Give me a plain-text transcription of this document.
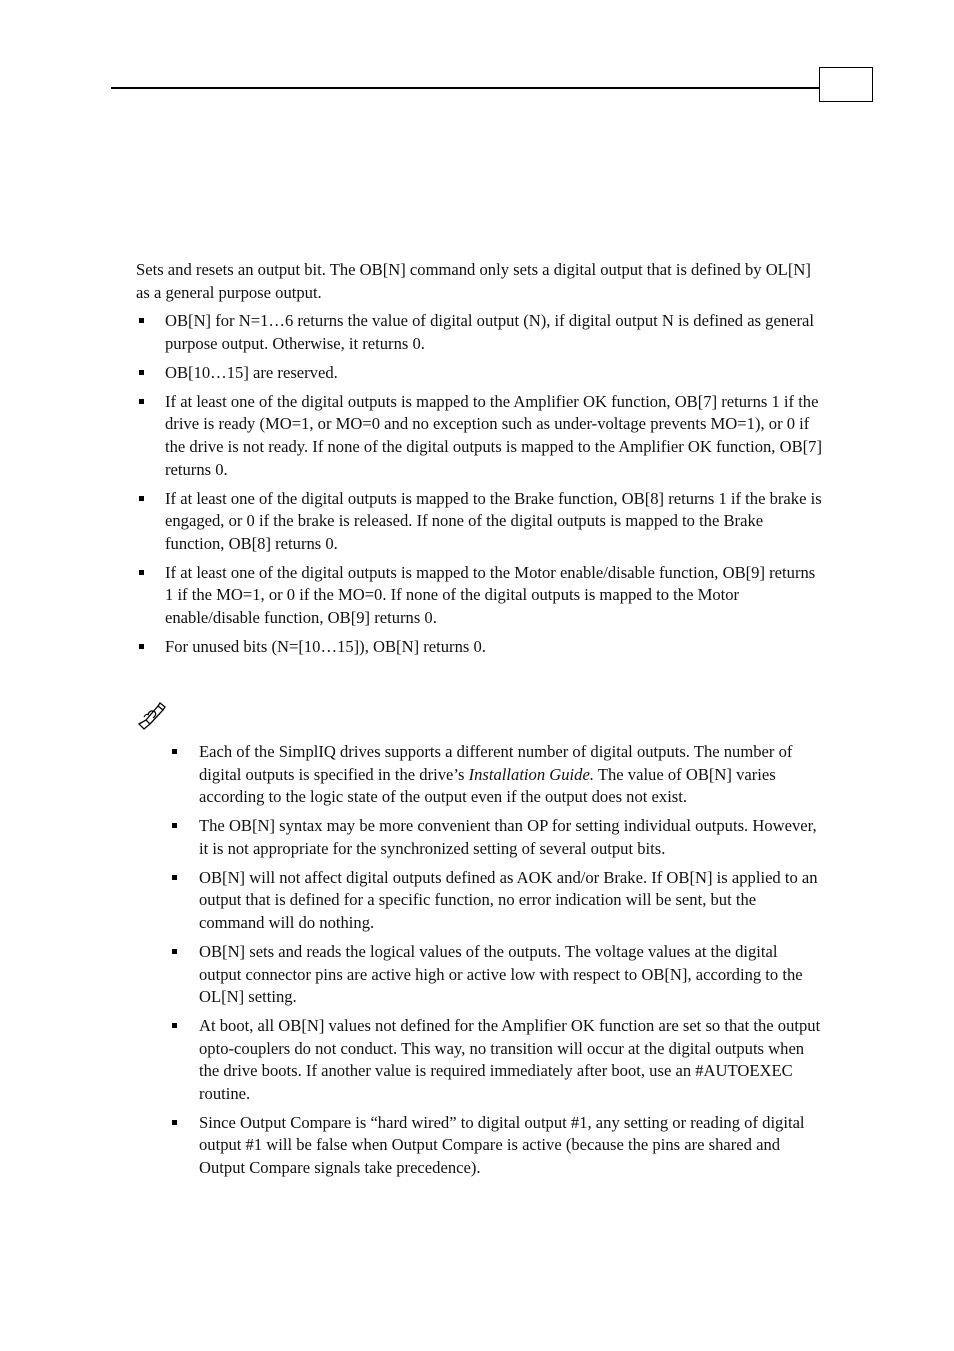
Sets and resets an output bit. The OB[N] command only sets a digital output that is defined by OL[N] as a general purpose output.

OB[N] for N=1…6 returns the value of digital output (N), if digital output N is defined as general purpose output. Otherwise, it returns 0.
OB[10…15] are reserved.
If at least one of the digital outputs is mapped to the Amplifier OK function, OB[7] returns 1 if the drive is ready (MO=1, or MO=0 and no exception such as under-voltage prevents MO=1), or 0 if the drive is not ready. If none of the digital outputs is mapped to the Amplifier OK function, OB[7] returns 0.
If at least one of the digital outputs is mapped to the Brake function, OB[8] returns 1 if the brake is engaged, or 0 if the brake is released. If none of the digital outputs is mapped to the Brake function, OB[8] returns 0.
If at least one of the digital outputs is mapped to the Motor enable/disable function, OB[9] returns 1 if the MO=1, or 0 if the MO=0. If none of the digital outputs is mapped to the Motor enable/disable function, OB[9] returns 0.
For unused bits (N=[10…15]), OB[N] returns 0.
Each of the SimplIQ drives supports a different number of digital outputs. The number of digital outputs is specified in the drive’s Installation Guide. The value of OB[N] varies according to the logic state of the output even if the output does not exist.
The OB[N] syntax may be more convenient than OP for setting individual outputs. However, it is not appropriate for the synchronized setting of several output bits.
OB[N] will not affect digital outputs defined as AOK and/or Brake. If OB[N] is applied to an output that is defined for a specific function, no error indication will be sent, but the command will do nothing.
OB[N] sets and reads the logical values of the outputs. The voltage values at the digital output connector pins are active high or active low with respect to OB[N], according to the OL[N] setting.
At boot, all OB[N] values not defined for the Amplifier OK function are set so that the output opto-couplers do not conduct. This way, no transition will occur at the digital outputs when the drive boots. If another value is required immediately after boot, use an #AUTOEXEC routine.
Since Output Compare is “hard wired” to digital output #1, any setting or reading of digital output #1 will be false when Output Compare is active (because the pins are shared and Output Compare signals take precedence).
